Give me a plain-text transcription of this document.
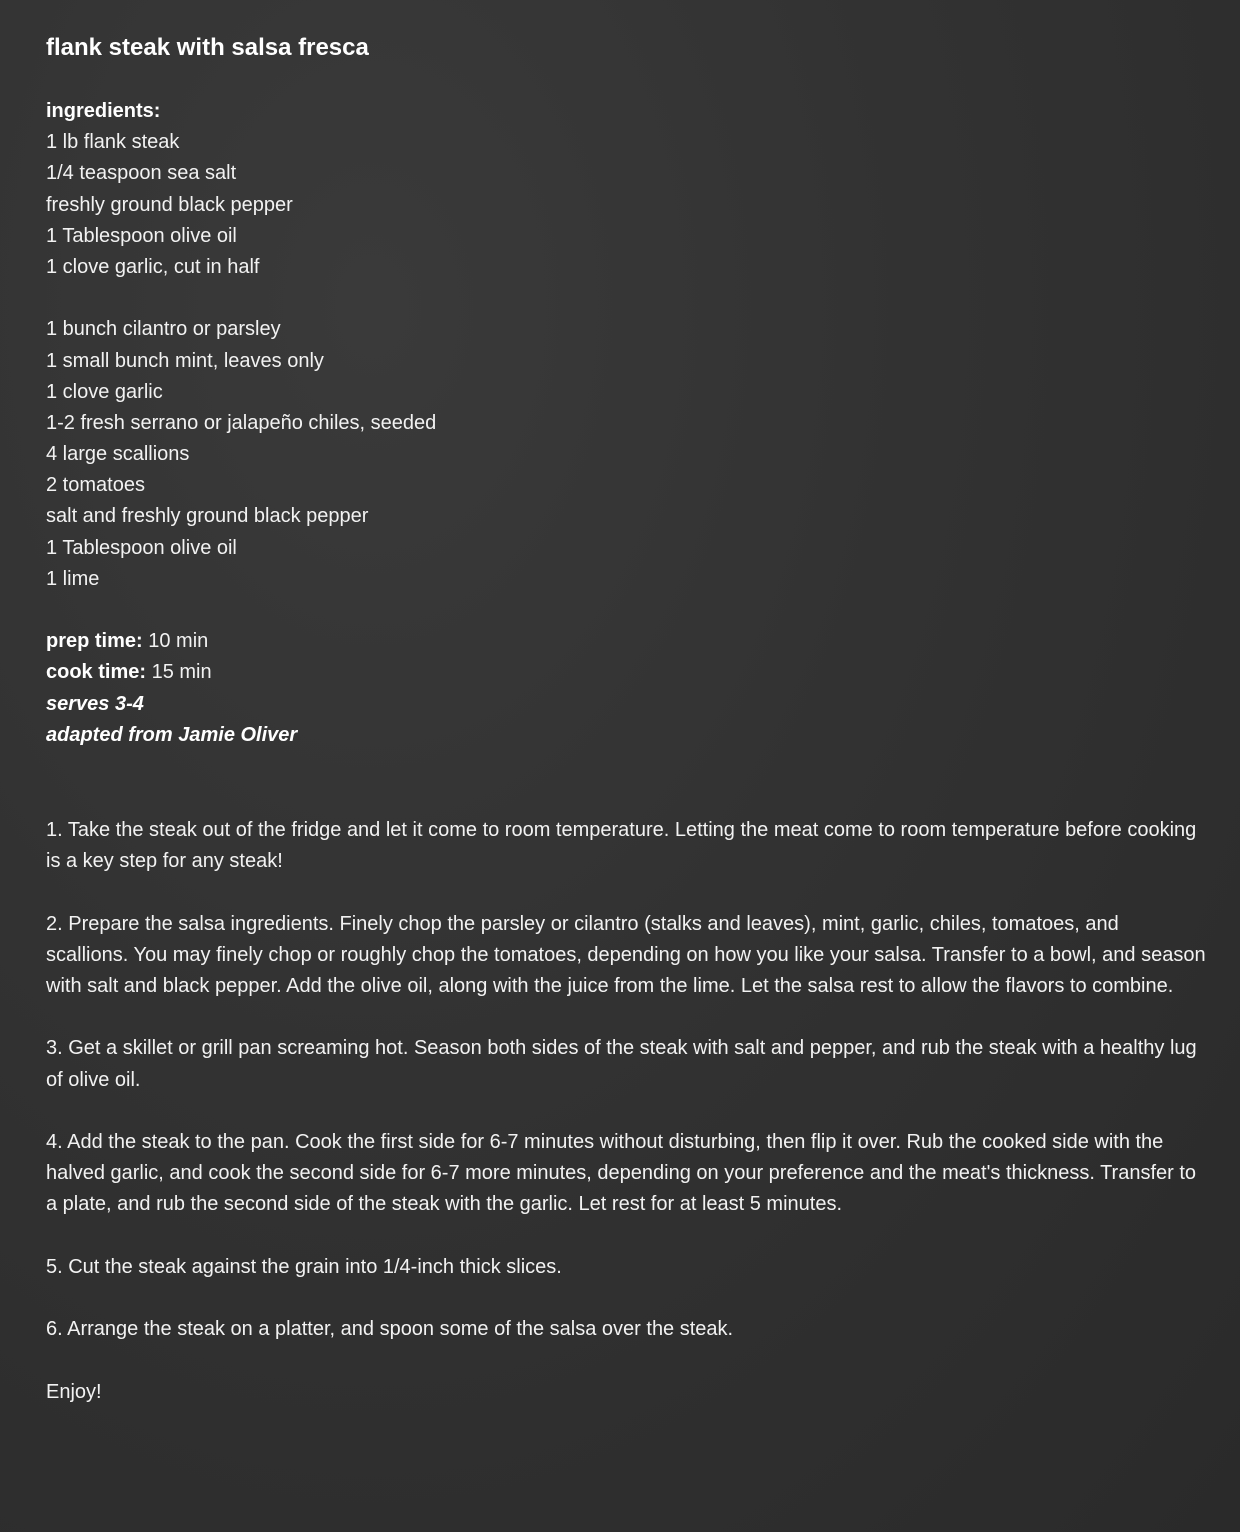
flank steak with salsa fresca
ingredients:
1 lb flank steak
1/4 teaspoon sea salt
freshly ground black pepper
1 Tablespoon olive oil
1 clove garlic, cut in half
1 bunch cilantro or parsley
1 small bunch mint, leaves only
1 clove garlic
1-2 fresh serrano or jalapeño chiles, seeded
4 large scallions
2 tomatoes
salt and freshly ground black pepper
1 Tablespoon olive oil
1 lime
prep time: 10 min
cook time: 15 min
serves 3-4
adapted from Jamie Oliver

1. Take the steak out of the fridge and let it come to room temperature. Letting the meat come to room temperature before cooking is a key step for any steak!

2. Prepare the salsa ingredients. Finely chop the parsley or cilantro (stalks and leaves), mint, garlic, chiles, tomatoes, and scallions. You may finely chop or roughly chop the tomatoes, depending on how you like your salsa. Transfer to a bowl, and season with salt and black pepper. Add the olive oil, along with the juice from the lime. Let the salsa rest to allow the flavors to combine.

3. Get a skillet or grill pan screaming hot. Season both sides of the steak with salt and pepper, and rub the steak with a healthy lug of olive oil.

4. Add the steak to the pan. Cook the first side for 6-7 minutes without disturbing, then flip it over. Rub the cooked side with the halved garlic, and cook the second side for 6-7 more minutes, depending on your preference and the meat's thickness. Transfer to a plate, and rub the second side of the steak with the garlic. Let rest for at least 5 minutes.

5. Cut the steak against the grain into 1/4-inch thick slices.

6. Arrange the steak on a platter, and spoon some of the salsa over the steak.

Enjoy!
